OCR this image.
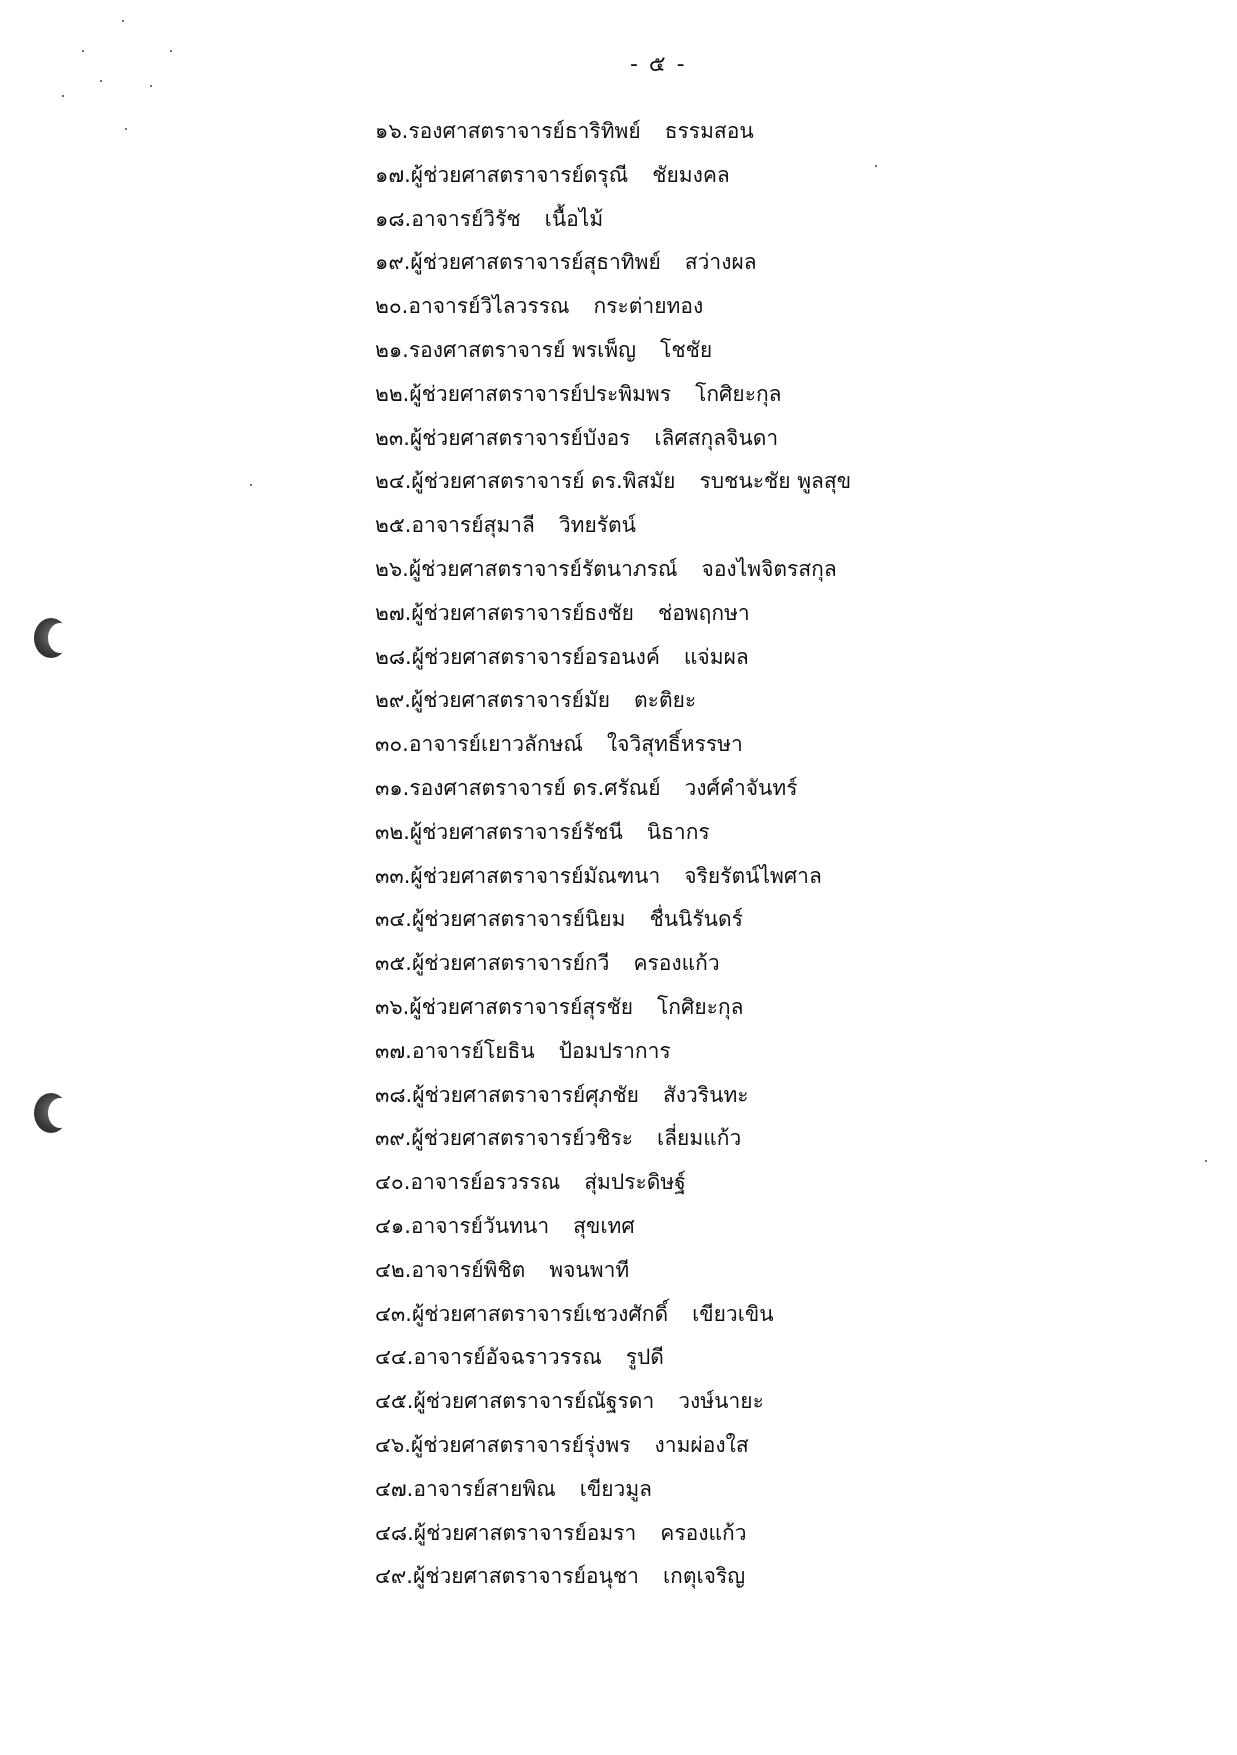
- ๕ -
๑๖. รองศาสตราจารย์ธาริทิพย์ ธรรมสอน
๑๗. ผู้ช่วยศาสตราจารย์ดรุณี ชัยมงคล
๑๘. อาจารย์วิรัช เนื้อไม้
๑๙. ผู้ช่วยศาสตราจารย์สุธาทิพย์ สว่างผล
๒๐. อาจารย์วิไลวรรณ กระต่ายทอง
๒๑. รองศาสตราจารย์ พรเพ็ญ โชชัย
๒๒. ผู้ช่วยศาสตราจารย์ประพิมพร โกศิยะกุล
๒๓. ผู้ช่วยศาสตราจารย์บังอร เลิศสกุลจินดา
๒๔. ผู้ช่วยศาสตราจารย์ ดร.พิสมัย รบชนะชัย พูลสุข
๒๕. อาจารย์สุมาลี วิทยรัตน์
๒๖. ผู้ช่วยศาสตราจารย์รัตนาภรณ์ จองไพจิตรสกุล
๒๗. ผู้ช่วยศาสตราจารย์ธงชัย ช่อพฤกษา
๒๘. ผู้ช่วยศาสตราจารย์อรอนงค์ แจ่มผล
๒๙. ผู้ช่วยศาสตราจารย์มัย ตะติยะ
๓๐. อาจารย์เยาวลักษณ์ ใจวิสุทธิ์หรรษา
๓๑. รองศาสตราจารย์ ดร.ศรัณย์ วงศ์คำจันทร์
๓๒. ผู้ช่วยศาสตราจารย์รัชนี นิธากร
๓๓. ผู้ช่วยศาสตราจารย์มัณฑนา จริยรัตน์ไพศาล
๓๔. ผู้ช่วยศาสตราจารย์นิยม ชื่นนิรันดร์
๓๕. ผู้ช่วยศาสตราจารย์กวี ครองแก้ว
๓๖. ผู้ช่วยศาสตราจารย์สุรชัย โกศิยะกุล
๓๗. อาจารย์โยธิน ป้อมปราการ
๓๘. ผู้ช่วยศาสตราจารย์ศุภชัย สังวรินทะ
๓๙. ผู้ช่วยศาสตราจารย์วชิระ เลี่ยมแก้ว
๔๐. อาจารย์อรวรรณ สุ่มประดิษฐ์
๔๑. อาจารย์วันทนา สุขเทศ
๔๒. อาจารย์พิชิต พจนพาที
๔๓. ผู้ช่วยศาสตราจารย์เชวงศักดิ์ เขียวเขิน
๔๔. อาจารย์อัจฉราวรรณ รูปดี
๔๕. ผู้ช่วยศาสตราจารย์ณัฐรดา วงษ์นายะ
๔๖. ผู้ช่วยศาสตราจารย์รุ่งพร งามผ่องใส
๔๗. อาจารย์สายพิณ เขียวมูล
๔๘. ผู้ช่วยศาสตราจารย์อมรา ครองแก้ว
๔๙. ผู้ช่วยศาสตราจารย์อนุชา เกตุเจริญ
